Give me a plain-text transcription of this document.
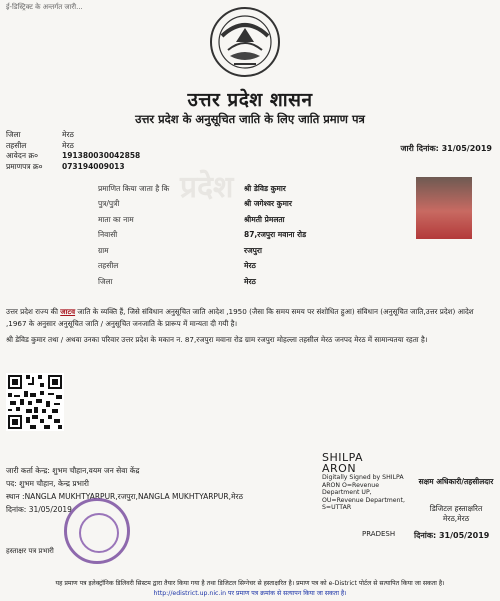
ई-डिस्ट्रिक्ट के अन्तर्गत जारी...
प्रदेश
उत्तर प्रदेश शासन
उत्तर प्रदेश के अनुसूचित जाति के लिए जाति प्रमाण पत्र
जिला	मेरठ
तहसील	मेरठ
आवेदन क्र०	191380030042858
प्रमाणपत्र क्र०	073194009013
जारी दिनांक: 31/05/2019
प्रमाणित किया जाता है कि	श्री डेविड कुमार
पुत्र/पुत्री	श्री जगेश्वर कुमार
माता का नाम	श्रीमती प्रेमलता
निवासी	87,रजपुरा मवाना रोड
ग्राम	रजपुरा
तहसील	मेरठ
जिला	मेरठ
उत्तर प्रदेश राज्य की जाटव जाति के व्यक्ति हैं, जिसे संविधान अनुसूचित जाति आदेश ,1950 (जैसा कि समय समय पर संशोधित हुआ) संविधान (अनुसूचित जाति,उत्तर प्रदेश) आदेश ,1967 के अनुसार अनुसूचित जाति / अनुसूचित जनजाति के प्रारूप में मान्यता दी गयी है।
श्री डेविड कुमार तथा / अथवा उनका परिवार उत्तर प्रदेश के मकान न. 87,रजपुरा मवाना रोड ग्राम रजपुरा मोहल्ला तहसील मेरठ जनपद मेरठ में सामान्यतया रहता है।
जारी कर्ता केन्द्र: शुभम चौहान,वयम जन सेवा केंद्र
पद: शुभम चौहान, केन्द्र प्रभारी
स्थान :NANGLA MUKHTYARPUR,रजपुरा,NANGLA MUKHTYARPUR,मेरठ
दिनांक: 31/05/2019
SHILPA
ARON
Digitally Signed by SHILPA ARON O=Revenue Department UP, OU=Revenue Department, S=UTTAR
PRADESH
सक्षम अधिकारी/तहसीलदार
डिजिटल हस्ताक्षरित
मेरठ,मेरठ
दिनांक: 31/05/2019
हस्ताक्षर पत्र प्रभारी
यह प्रमाण पत्र इलेक्ट्रॉनिक डिलिवरी सिस्टम द्वारा तैयार किया गया है तथा डिजिटल सिग्नेचर से हस्ताक्षरित है। प्रमाण पत्र को e-District पोर्टल से सत्यापित किया जा सकता है।
http://edistrict.up.nic.in पर प्रमाण पत्र क्रमांक से सत्यापन किया जा सकता है।
